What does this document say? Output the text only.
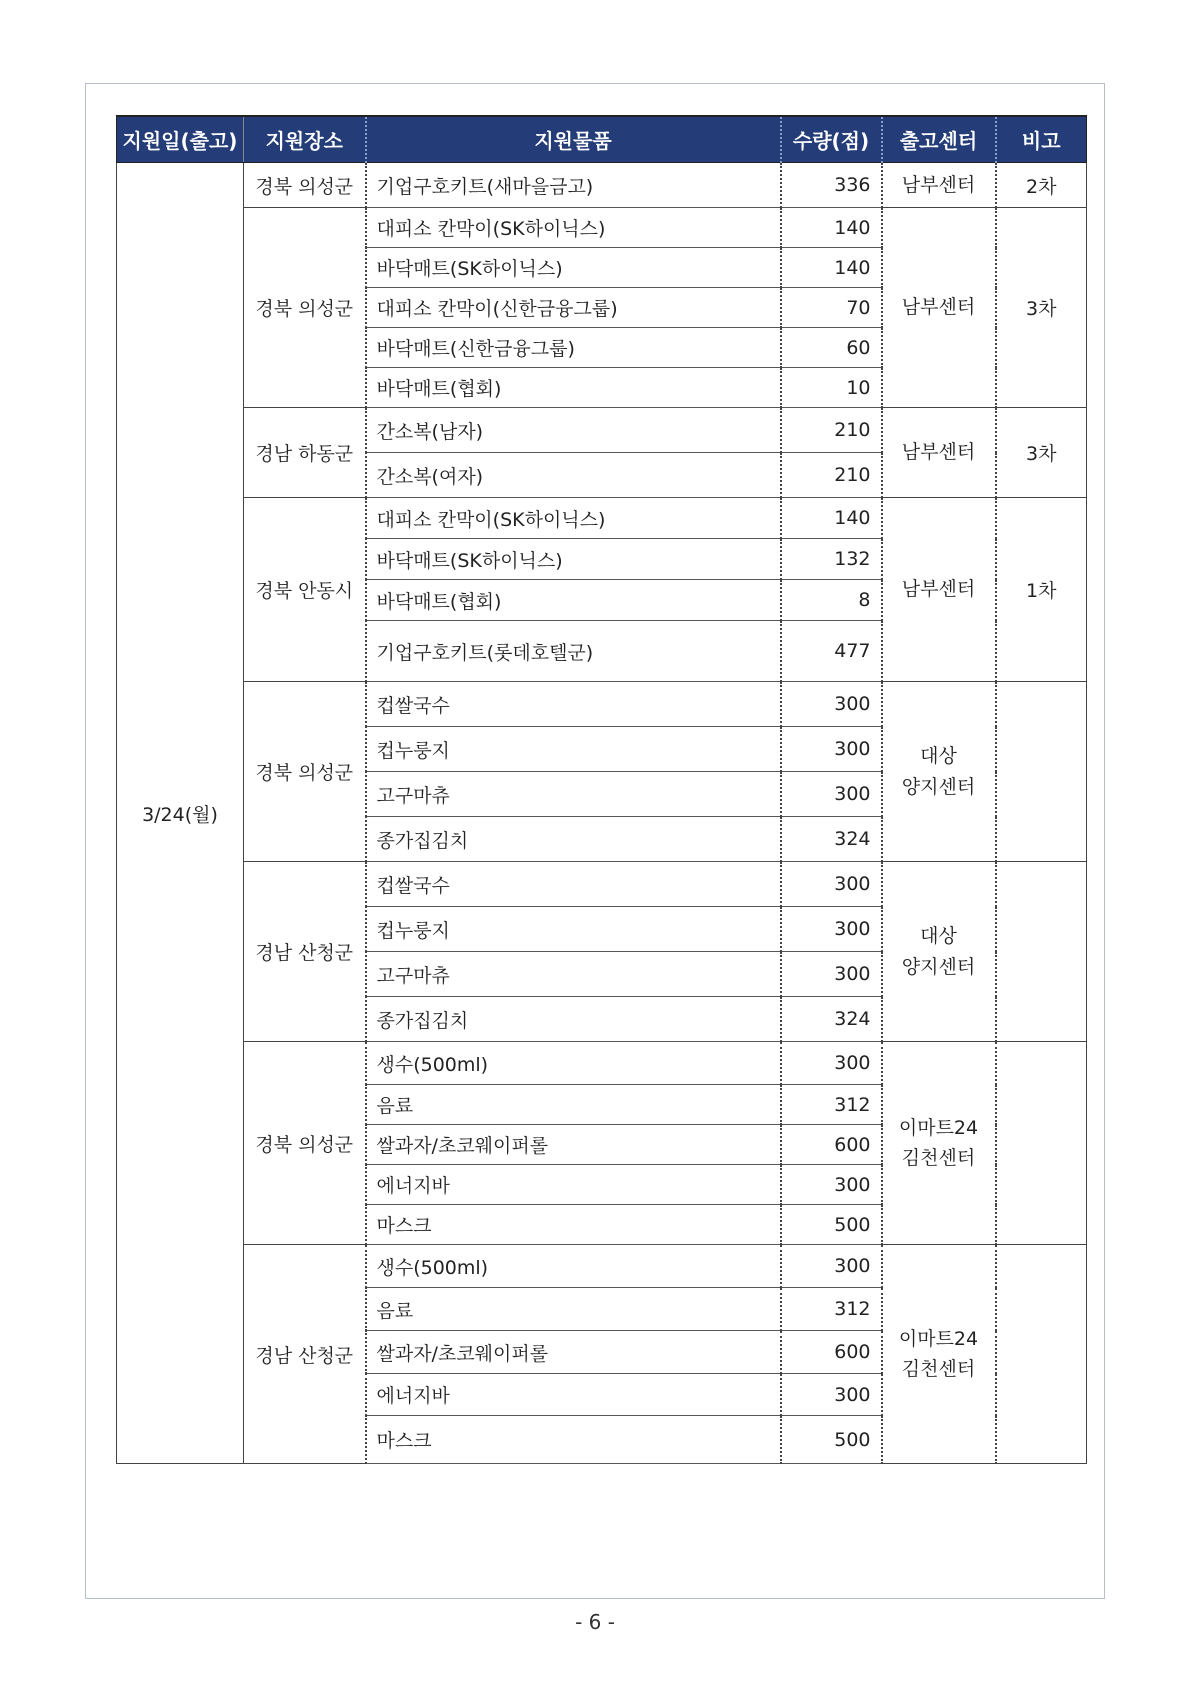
지원일(출고)	지원장소	지원물품	수량(점)	출고센터	비고
3/24(월)	경북 의성군	기업구호키트(새마을금고)	336	남부센터	2차
	경북 의성군	대피소 칸막이(SK하이닉스)	140	남부센터	3차
		바닥매트(SK하이닉스)	140		
		대피소 칸막이(신한금융그룹)	70		
		바닥매트(신한금융그룹)	60		
		바닥매트(협회)	10		
	경남 하동군	간소복(남자)	210	남부센터	3차
		간소복(여자)	210		
	경북 안동시	대피소 칸막이(SK하이닉스)	140	남부센터	1차
		바닥매트(SK하이닉스)	132		
		바닥매트(협회)	8		
		기업구호키트(롯데호텔군)	477		
	경북 의성군	컵쌀국수	300	대상
양지센터	

		컵누룽지	300		
		고구마츄	300		
		종가집김치	324		
	경남 산청군	컵쌀국수	300	대상
양지센터	

		컵누룽지	300		
		고구마츄	300		
		종가집김치	324		
	경북 의성군	생수(500ml)	300	이마트24
김천센터	

		음료	312		
		쌀과자/초코웨이퍼롤	600		
		에너지바	300		
		마스크	500		
	경남 산청군	생수(500ml)	300	이마트24
김천센터	

		음료	312		
		쌀과자/초코웨이퍼롤	600		
		에너지바	300		
		마스크	500		
- 6 -
